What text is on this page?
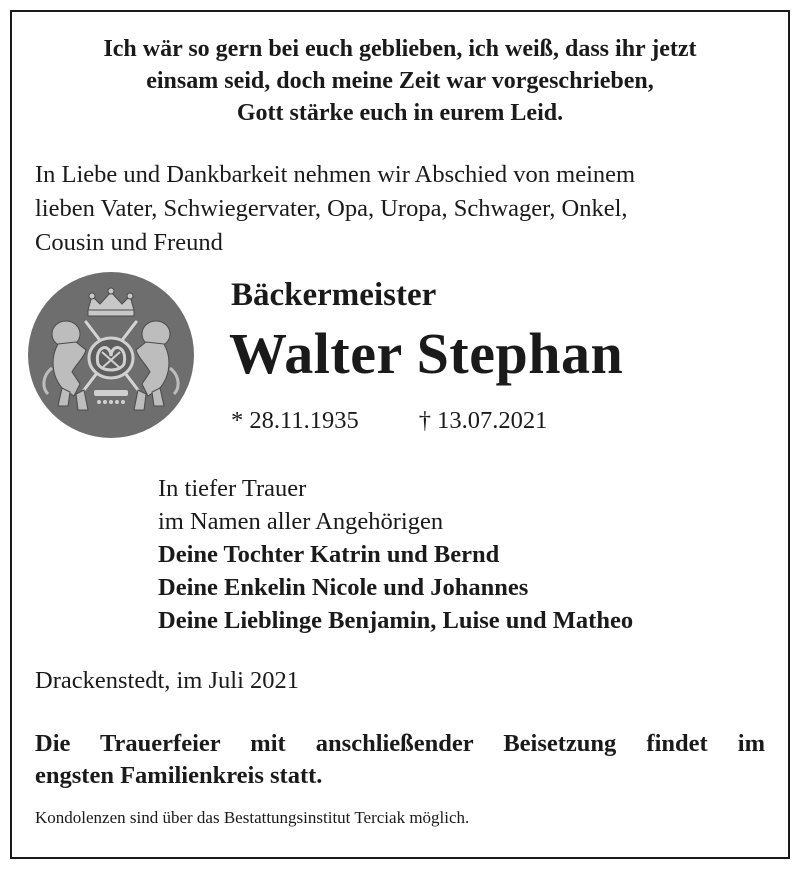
Ich wär so gern bei euch geblieben, ich weiß, dass ihr jetzt
einsam seid, doch meine Zeit war vorgeschrieben,
Gott stärke euch in eurem Leid.
In Liebe und Dankbarkeit nehmen wir Abschied von meinem
lieben Vater, Schwiegervater, Opa, Uropa, Schwager, Onkel,
Cousin und Freund
Bäckermeister
Walter Stephan
* 28.11.1935 † 13.07.2021
In tiefer Trauer
im Namen aller Angehörigen
Deine Tochter Katrin und Bernd
Deine Enkelin Nicole und Johannes
Deine Lieblinge Benjamin, Luise und Matheo
Drackenstedt, im Juli 2021
Die Trauerfeier mit anschließender Beisetzung findet im
engsten Familienkreis statt.
Kondolenzen sind über das Bestattungsinstitut Terciak möglich.
